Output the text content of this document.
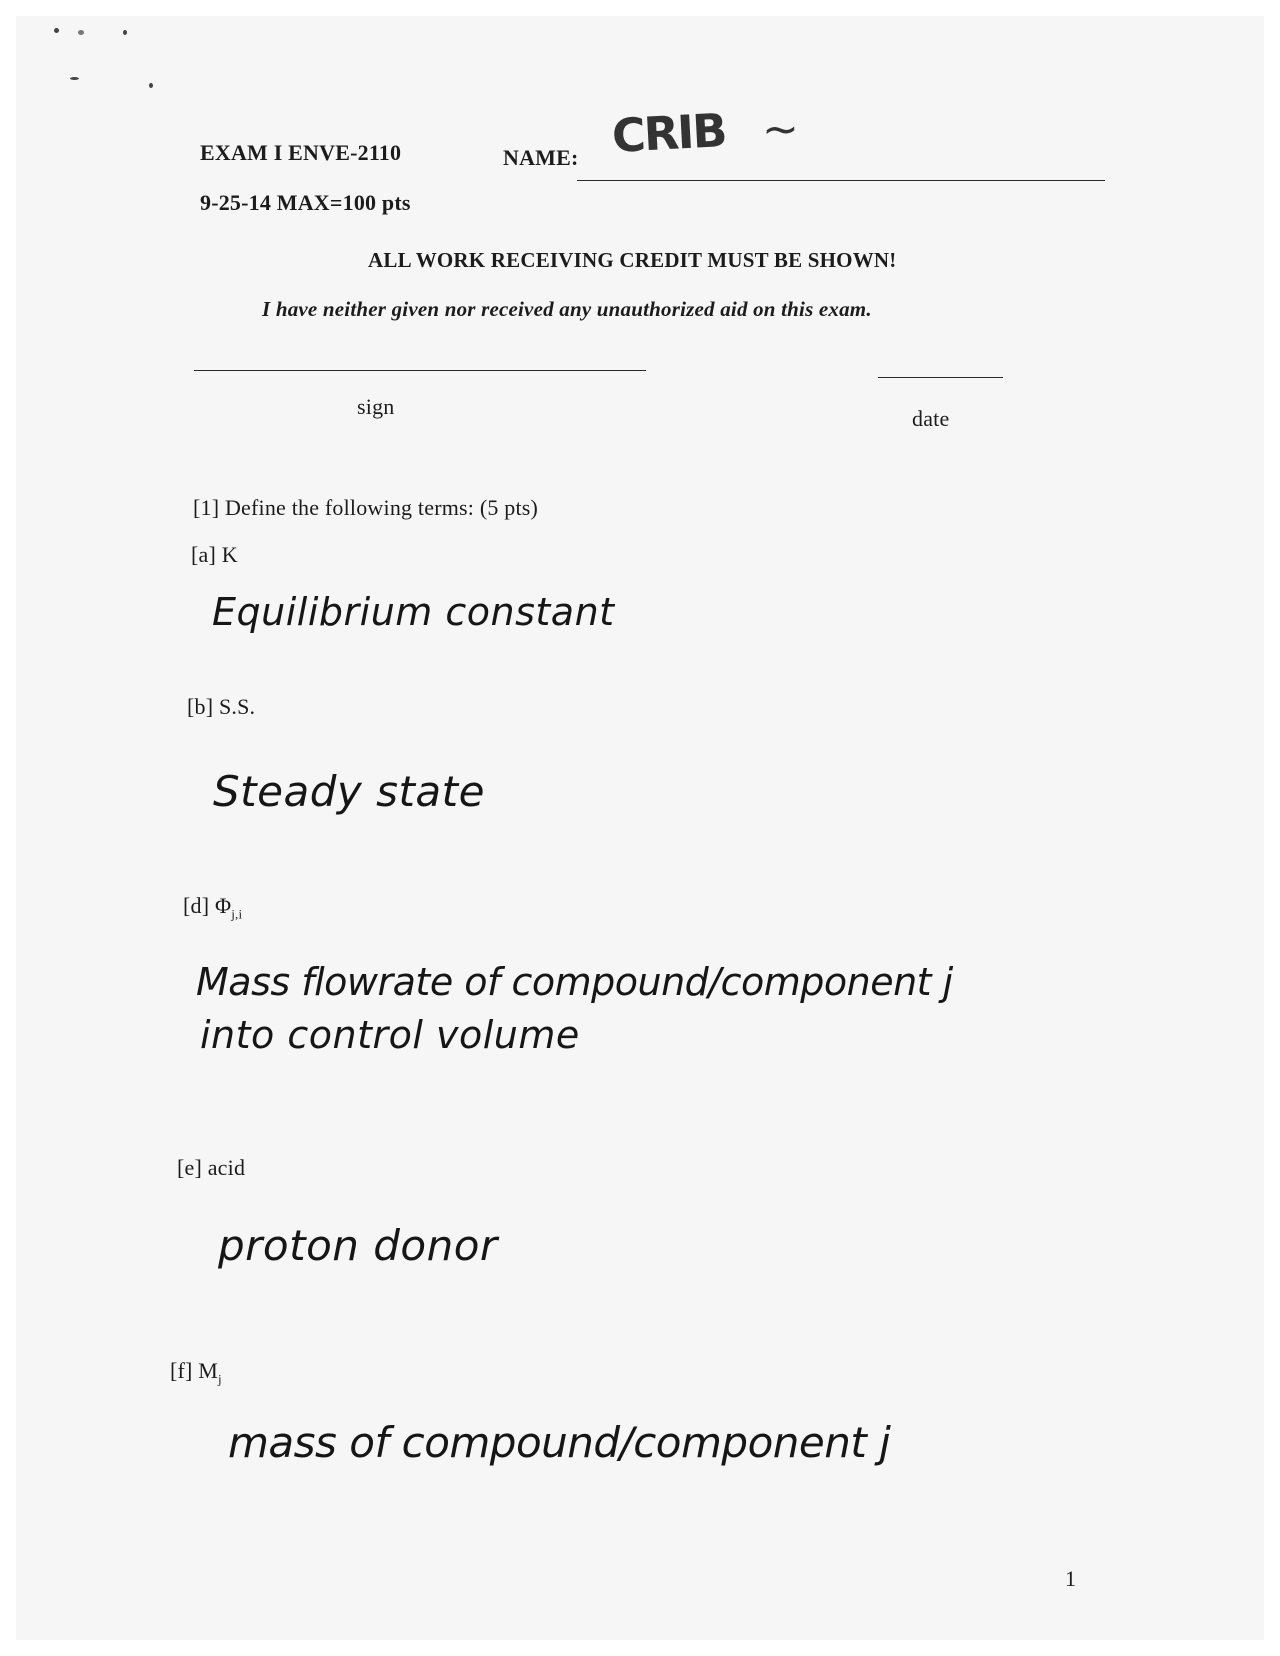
EXAM I ENVE-2110	NAME: CRIB ~
9-25-14 MAX=100 pts
ALL WORK RECEIVING CREDIT MUST BE SHOWN!
I have neither given nor received any unauthorized aid on this exam.
sign	date
[1] Define the following terms: (5 pts)
[a] K
Equilibrium constant
[b] S.S.
Steady state
[d] $\Phi_{j,i}$
Mass flowrate of compound/component j
into control volume
[e] acid
proton donor
[f] $M_j$
mass of compound/component j
1
